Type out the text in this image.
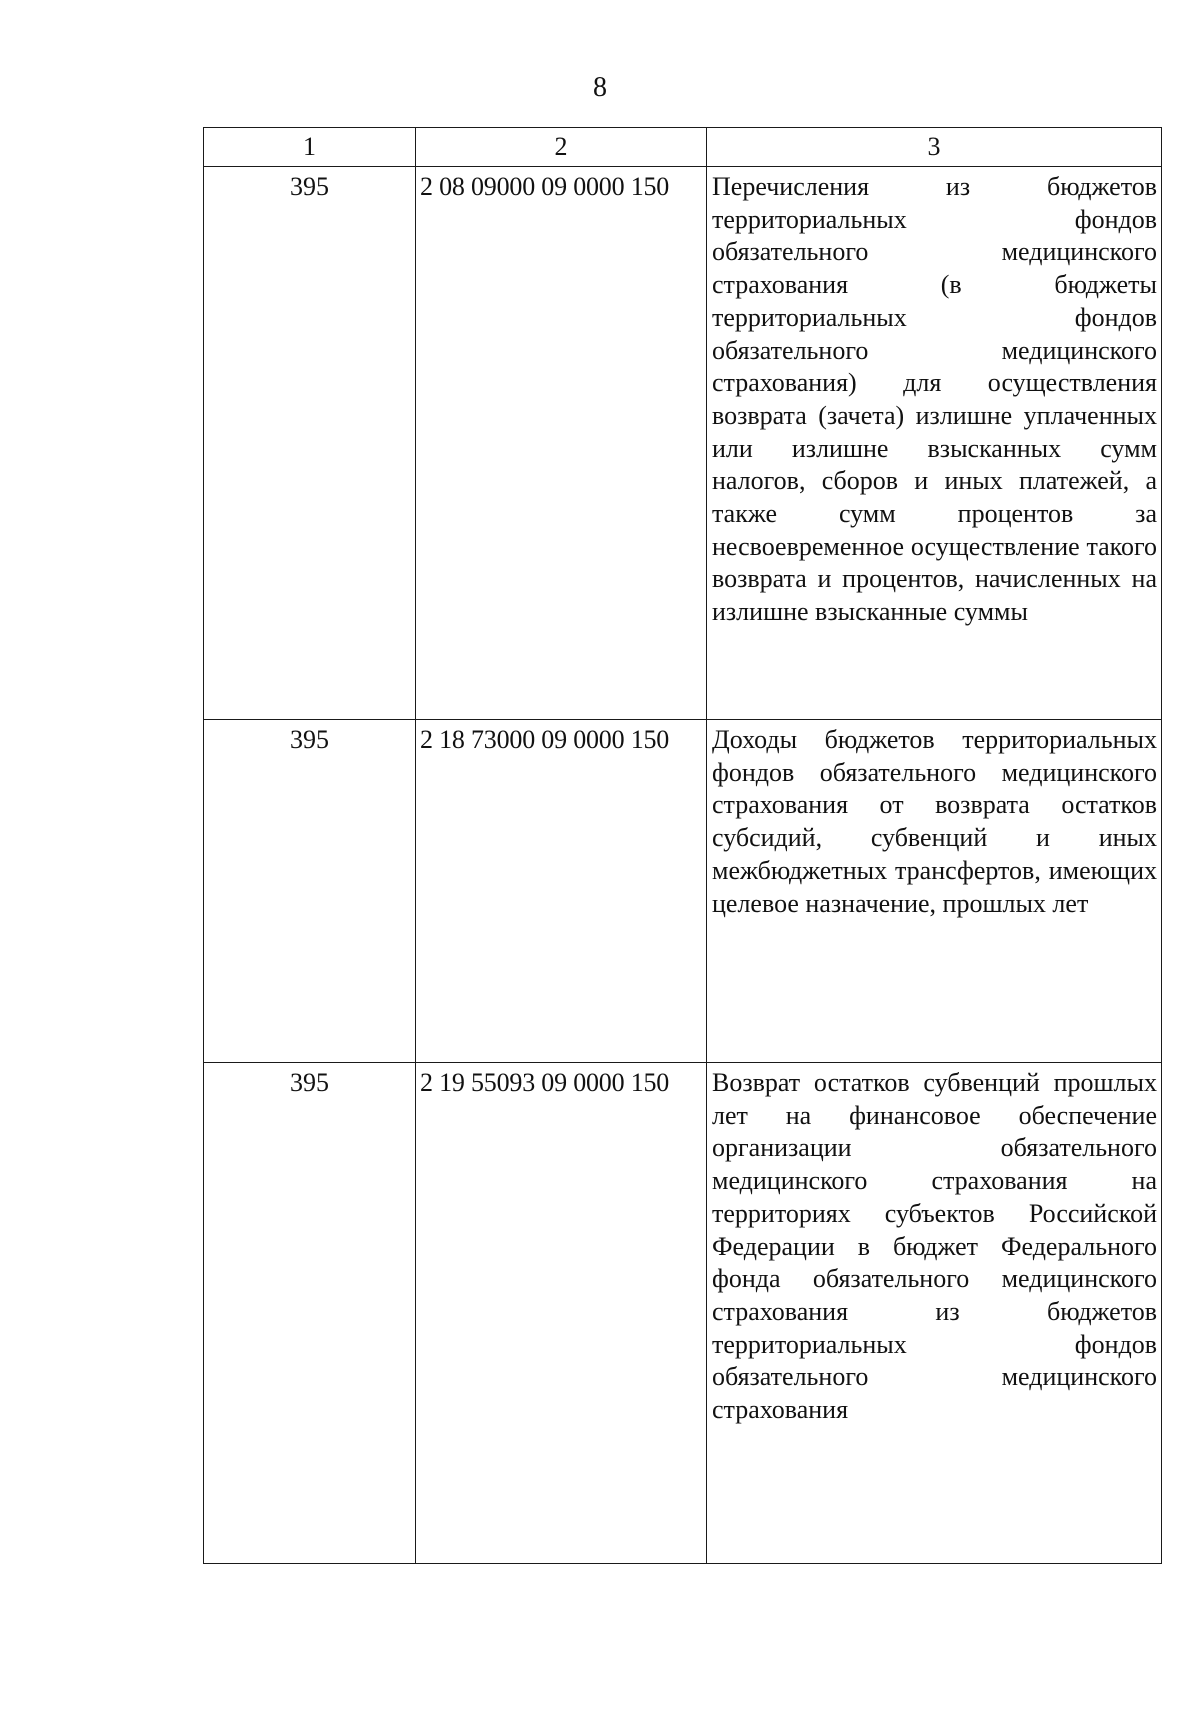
8
1	2	3
395	2 08 09000 09 0000 150	Перечисления из бюджетов территориальных фондов обязательного медицинского страхования (в бюджеты территориальных фондов обязательного медицинского страхования) для осуществления возврата (зачета) излишне уплаченных или излишне взысканных сумм налогов, сборов и иных платежей, а также сумм процентов за несвоевременное осуществление такого возврата и процентов, начисленных на излишне взысканные суммы
395	2 18 73000 09 0000 150	Доходы бюджетов территориальных фондов обязательного медицинского страхования от возврата остатков субсидий, субвенций и иных межбюджетных трансфертов, имеющих целевое назначение, прошлых лет
395	2 19 55093 09 0000 150	Возврат остатков субвенций прошлых лет на финансовое обеспечение организации обязательного медицинского страхования на территориях субъектов Российской Федерации в бюджет Федерального фонда обязательного медицинского страхования из бюджетов территориальных фондов обязательного медицинского страхования
